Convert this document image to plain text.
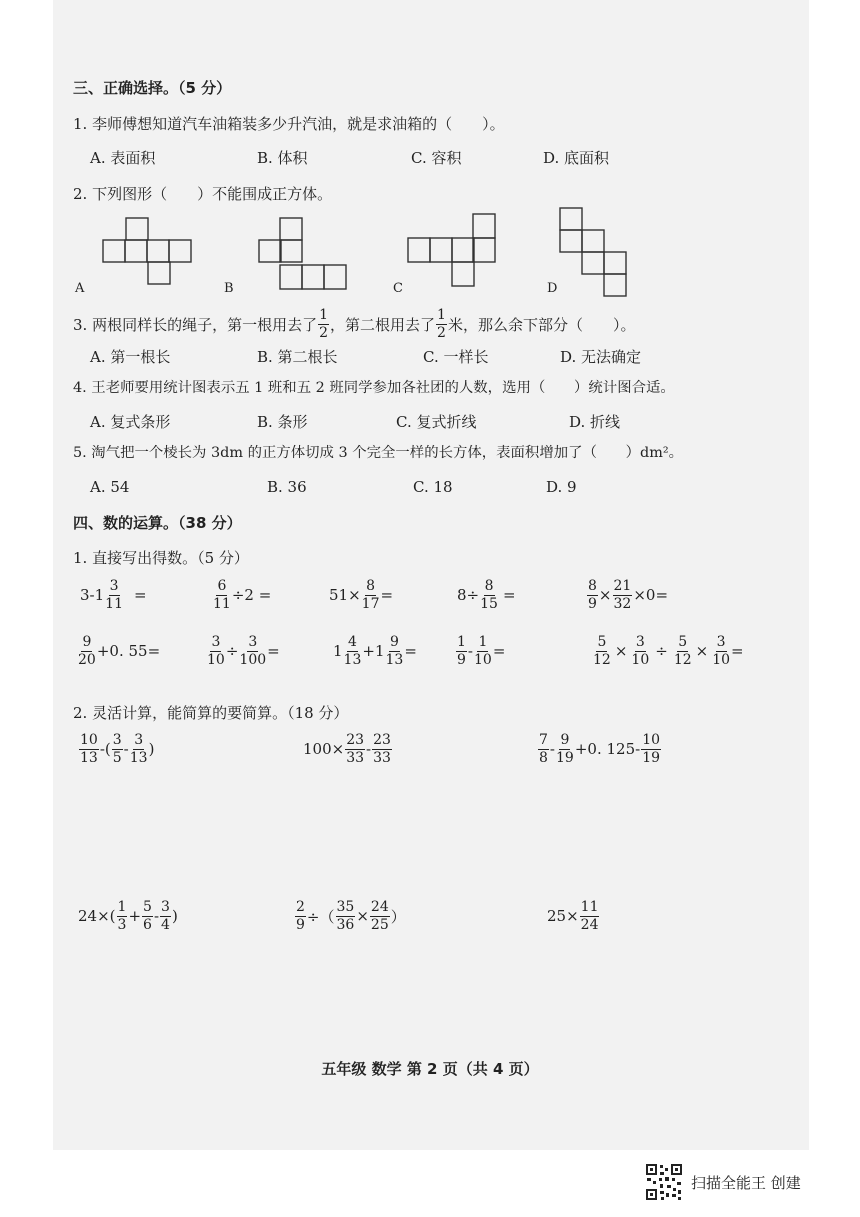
三、正确选择。（5 分）
1. 李师傅想知道汽车油箱装多少升汽油，就是求油箱的（　　）。
A. 表面积	B. 体积	C. 容积	D. 底面积
2. 下列图形（　　）不能围成正方体。
A	B	C	D
3. 两根同样长的绳子，第一根用去了 $\frac{1}{2}$ ，第二根用去了 $\frac{1}{2}$ 米，那么余下部分（　　）。
A. 第一根长	B. 第二根长	C. 一样长	D. 无法确定
4. 王老师要用统计图表示五 1 班和五 2 班同学参加各社团的人数，选用（　　）统计图合适。
A. 复式条形	B. 条形	C. 复式折线	D. 折线
5. 淘气把一个棱长为 3dm 的正方体切成 3 个完全一样的长方体，表面积增加了（　　）dm²。
A. 54	B. 36	C. 18	D. 9
四、数的运算。（38 分）
1. 直接写出得数。（5 分）
$3-1 \frac{3}{11}$ =	$\frac{6}{11} \div 2$ =	$51\times \frac{8}{17}$ =	$8\div \frac{8}{15}$ =	$\frac{8}{9} \times \frac{21}{32} \times 0=$
$\frac{9}{20} +0$. 55=	$\frac{3}{10} \div \frac{3}{100}$ =	$1 \frac{4}{13} +1 \frac{9}{13}$ =	$\frac{1}{9} - \frac{1}{10}$ =	$\frac{5}{12} \times \frac{3}{10} \div \frac{5}{12} \times \frac{3}{10}$ =
2. 灵活计算，能简算的要简算。（18 分）
$\frac{10}{13}$ -( $\frac{3}{5} - \frac{3}{13}$ )	$100\times \frac{23}{33} - \frac{23}{33}$	$\frac{7}{8} - \frac{9}{19} +0$. $125- \frac{10}{19}$
$24\times( \frac{1}{3} + \frac{5}{6} - \frac{3}{4}$ )	$\frac{2}{9}$ ÷（ $\frac{35}{36} \times \frac{24}{25}$ ）	$25\times \frac{11}{24}$
五年级 数学 第 2 页（共 4 页）
扫描全能王 创建
